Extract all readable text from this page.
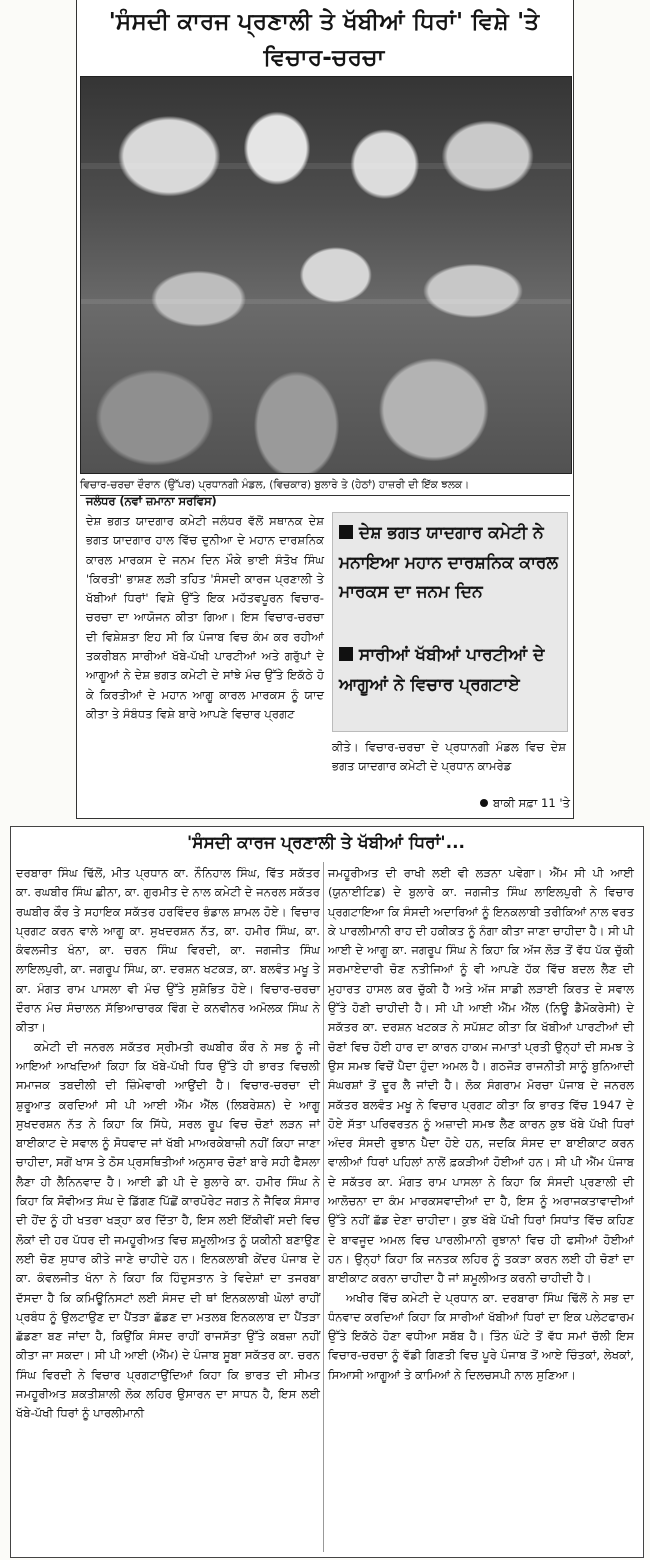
'ਸੰਸਦੀ ਕਾਰਜ ਪ੍ਰਣਾਲੀ ਤੇ ਖੱਬੀਆਂ ਧਿਰਾਂ' ਵਿਸ਼ੇ 'ਤੇ ਵਿਚਾਰ-ਚਰਚਾ
ਵਿਚਾਰ-ਚਰਚਾ ਦੌਰਾਨ (ਉੱਪਰ) ਪ੍ਰਧਾਨਗੀ ਮੰਡਲ, (ਵਿਚਕਾਰ) ਬੁਲਾਰੇ ਤੇ (ਹੇਠਾਂ) ਹਾਜ਼ਰੀ ਦੀ ਇੱਕ ਝਲਕ।
ਜਲੰਧਰ (ਨਵਾਂ ਜ਼ਮਾਨਾ ਸਰਵਿਸ)
ਦੇਸ਼ ਭਗਤ ਯਾਦਗਾਰ ਕਮੇਟੀ ਜਲੰਧਰ ਵੱਲੋਂ ਸਥਾਨਕ ਦੇਸ਼ ਭਗਤ ਯਾਦਗਾਰ ਹਾਲ ਵਿੱਚ ਦੁਨੀਆ ਦੇ ਮਹਾਨ ਦਾਰਸ਼ਨਿਕ ਕਾਰਲ ਮਾਰਕਸ ਦੇ ਜਨਮ ਦਿਨ ਮੌਕੇ ਭਾਈ ਸੰਤੋਖ ਸਿੰਘ 'ਕਿਰਤੀ' ਭਾਸ਼ਣ ਲੜੀ ਤਹਿਤ 'ਸੰਸਦੀ ਕਾਰਜ ਪ੍ਰਣਾਲੀ ਤੇ ਖੱਬੀਆਂ ਧਿਰਾਂ' ਵਿਸ਼ੇ ਉੱਤੇ ਇਕ ਮਹੱਤਵਪੂਰਨ ਵਿਚਾਰ-ਚਰਚਾ ਦਾ ਆਯੋਜਨ ਕੀਤਾ ਗਿਆ। ਇਸ ਵਿਚਾਰ-ਚਰਚਾ ਦੀ ਵਿਸ਼ੇਸ਼ਤਾ ਇਹ ਸੀ ਕਿ ਪੰਜਾਬ ਵਿਚ ਕੰਮ ਕਰ ਰਹੀਆਂ ਤਕਰੀਬਨ ਸਾਰੀਆਂ ਖੱਬੇ-ਪੱਖੀ ਪਾਰਟੀਆਂ ਅਤੇ ਗਰੁੱਪਾਂ ਦੇ ਆਗੂਆਂ ਨੇ ਦੇਸ਼ ਭਗਤ ਕਮੇਟੀ ਦੇ ਸਾਂਝੇ ਮੰਚ ਉੱਤੇ ਇਕੱਠੇ ਹੋ ਕੇ ਕਿਰਤੀਆਂ ਦੇ ਮਹਾਨ ਆਗੂ ਕਾਰਲ ਮਾਰਕਸ ਨੂੰ ਯਾਦ ਕੀਤਾ ਤੇ ਸੰਬੰਧਤ ਵਿਸ਼ੇ ਬਾਰੇ ਆਪਣੇ ਵਿਚਾਰ ਪ੍ਰਗਟ
ਦੇਸ਼ ਭਗਤ ਯਾਦਗਾਰ ਕਮੇਟੀ ਨੇ ਮਨਾਇਆ ਮਹਾਨ ਦਾਰਸ਼ਨਿਕ ਕਾਰਲ ਮਾਰਕਸ ਦਾ ਜਨਮ ਦਿਨ
ਸਾਰੀਆਂ ਖੱਬੀਆਂ ਪਾਰਟੀਆਂ ਦੇ ਆਗੂਆਂ ਨੇ ਵਿਚਾਰ ਪ੍ਰਗਟਾਏ
ਕੀਤੇ। ਵਿਚਾਰ-ਚਰਚਾ ਦੇ ਪ੍ਰਧਾਨਗੀ ਮੰਡਲ ਵਿਚ ਦੇਸ਼ ਭਗਤ ਯਾਦਗਾਰ ਕਮੇਟੀ ਦੇ ਪ੍ਰਧਾਨ ਕਾਮਰੇਡ
ਬਾਕੀ ਸਫ਼ਾ 11 'ਤੇ
'ਸੰਸਦੀ ਕਾਰਜ ਪ੍ਰਣਾਲੀ ਤੇ ਖੱਬੀਆਂ ਧਿਰਾਂ'...

ਦਰਬਾਰਾ ਸਿੰਘ ਢਿੱਲੋਂ, ਮੀਤ ਪ੍ਰਧਾਨ ਕਾ. ਨੌਨਿਹਾਲ ਸਿੰਘ, ਵਿੱਤ ਸਕੱਤਰ ਕਾ. ਰਘਬੀਰ ਸਿੰਘ ਛੀਨਾ, ਕਾ. ਗੁਰਮੀਤ ਦੇ ਨਾਲ ਕਮੇਟੀ ਦੇ ਜਨਰਲ ਸਕੱਤਰ ਰਘਬੀਰ ਕੌਰ ਤੇ ਸਹਾਇਕ ਸਕੱਤਰ ਹਰਵਿੰਦਰ ਭੰਡਾਲ ਸ਼ਾਮਲ ਹੋਏ। ਵਿਚਾਰ ਪ੍ਰਗਟ ਕਰਨ ਵਾਲੇ ਆਗੂ ਕਾ. ਸੁਖਦਰਸ਼ਨ ਨੱਤ, ਕਾ. ਹਮੀਰ ਸਿੰਘ, ਕਾ. ਕੰਵਲਜੀਤ ਖੰਨਾ, ਕਾ. ਚਰਨ ਸਿੰਘ ਵਿਰਦੀ, ਕਾ. ਜਗਜੀਤ ਸਿੰਘ ਲਾਇਲਪੁਰੀ, ਕਾ. ਜਗਰੂਪ ਸਿੰਘ, ਕਾ. ਦਰਸ਼ਨ ਖਟਕੜ, ਕਾ. ਬਲਵੰਤ ਮਖੂ ਤੇ ਕਾ. ਮੰਗਤ ਰਾਮ ਪਾਸਲਾ ਵੀ ਮੰਚ ਉੱਤੇ ਸੁਸ਼ੋਭਿਤ ਹੋਏ। ਵਿਚਾਰ-ਚਰਚਾ ਦੌਰਾਨ ਮੰਚ ਸੰਚਾਲਨ ਸੱਭਿਆਚਾਰਕ ਵਿੰਗ ਦੇ ਕਨਵੀਨਰ ਅਮੋਲਕ ਸਿੰਘ ਨੇ ਕੀਤਾ।

ਕਮੇਟੀ ਦੀ ਜਨਰਲ ਸਕੱਤਰ ਸ੍ਰੀਮਤੀ ਰਘਬੀਰ ਕੌਰ ਨੇ ਸਭ ਨੂੰ ਜੀ ਆਇਆਂ ਆਖਦਿਆਂ ਕਿਹਾ ਕਿ ਖੱਬੇ-ਪੱਖੀ ਧਿਰ ਉੱਤੇ ਹੀ ਭਾਰਤ ਵਿਚਲੀ ਸਮਾਜਕ ਤਬਦੀਲੀ ਦੀ ਜ਼ਿੰਮੇਵਾਰੀ ਆਉਂਦੀ ਹੈ। ਵਿਚਾਰ-ਚਰਚਾ ਦੀ ਸ਼ੁਰੂਆਤ ਕਰਦਿਆਂ ਸੀ ਪੀ ਆਈ ਐੱਮ ਐੱਲ (ਲਿਬਰੇਸ਼ਨ) ਦੇ ਆਗੂ ਸੁਖਦਰਸ਼ਨ ਨੱਤ ਨੇ ਕਿਹਾ ਕਿ ਸਿੱਧੇ, ਸਰਲ ਰੂਪ ਵਿਚ ਚੋਣਾਂ ਲੜਨ ਜਾਂ ਬਾਈਕਾਟ ਦੇ ਸਵਾਲ ਨੂੰ ਸੋਧਵਾਦ ਜਾਂ ਖੱਬੀ ਮਾਅਰਕੇਬਾਜ਼ੀ ਨਹੀਂ ਕਿਹਾ ਜਾਣਾ ਚਾਹੀਦਾ, ਸਗੋਂ ਖਾਸ ਤੇ ਠੋਸ ਪ੍ਰਸਥਿਤੀਆਂ ਅਨੁਸਾਰ ਚੋਣਾਂ ਬਾਰੇ ਸਹੀ ਫੈਸਲਾ ਲੈਣਾ ਹੀ ਲੈਨਿਨਵਾਦ ਹੈ। ਆਈ ਡੀ ਪੀ ਦੇ ਬੁਲਾਰੇ ਕਾ. ਹਮੀਰ ਸਿੰਘ ਨੇ ਕਿਹਾ ਕਿ ਸੋਵੀਅਤ ਸੰਘ ਦੇ ਡਿੱਗਣ ਪਿੱਛੋਂ ਕਾਰਪੋਰੇਟ ਜਗਤ ਨੇ ਜੈਵਿਕ ਸੰਸਾਰ ਦੀ ਹੋਂਦ ਨੂੰ ਹੀ ਖਤਰਾ ਖੜ੍ਹਾ ਕਰ ਦਿੱਤਾ ਹੈ, ਇਸ ਲਈ ਇੱਕੀਵੀਂ ਸਦੀ ਵਿਚ ਲੋਕਾਂ ਦੀ ਹਰ ਪੱਧਰ ਦੀ ਜਮਹੂਰੀਅਤ ਵਿਚ ਸ਼ਮੂਲੀਅਤ ਨੂੰ ਯਕੀਨੀ ਬਣਾਉਣ ਲਈ ਚੋਣ ਸੁਧਾਰ ਕੀਤੇ ਜਾਣੇ ਚਾਹੀਦੇ ਹਨ। ਇਨਕਲਾਬੀ ਕੇਂਦਰ ਪੰਜਾਬ ਦੇ ਕਾ. ਕੰਵਲਜੀਤ ਖੰਨਾ ਨੇ ਕਿਹਾ ਕਿ ਹਿੰਦੁਸਤਾਨ ਤੇ ਵਿਦੇਸ਼ਾਂ ਦਾ ਤਜਰਬਾ ਦੱਸਦਾ ਹੈ ਕਿ ਕਮਿਊਨਿਸਟਾਂ ਲਈ ਸੰਸਦ ਦੀ ਥਾਂ ਇਨਕਲਾਬੀ ਘੋਲਾਂ ਰਾਹੀਂ ਪ੍ਰਬੰਧ ਨੂੰ ਉਲਟਾਉਣ ਦਾ ਪੈਂਤੜਾ ਛੱਡਣ ਦਾ ਮਤਲਬ ਇਨਕਲਾਬ ਦਾ ਪੈਂਤੜਾ ਛੱਡਣਾ ਬਣ ਜਾਂਦਾ ਹੈ, ਕਿਉਂਕਿ ਸੰਸਦ ਰਾਹੀਂ ਰਾਜਸੱਤਾ ਉੱਤੇ ਕਬਜ਼ਾ ਨਹੀਂ ਕੀਤਾ ਜਾ ਸਕਦਾ। ਸੀ ਪੀ ਆਈ (ਐੱਮ) ਦੇ ਪੰਜਾਬ ਸੂਬਾ ਸਕੱਤਰ ਕਾ. ਚਰਨ ਸਿੰਘ ਵਿਰਦੀ ਨੇ ਵਿਚਾਰ ਪ੍ਰਗਟਾਉਂਦਿਆਂ ਕਿਹਾ ਕਿ ਭਾਰਤ ਦੀ ਸੀਮਤ ਜਮਹੂਰੀਅਤ ਸ਼ਕਤੀਸ਼ਾਲੀ ਲੋਕ ਲਹਿਰ ਉਸਾਰਨ ਦਾ ਸਾਧਨ ਹੈ, ਇਸ ਲਈ ਖੱਬੇ-ਪੱਖੀ ਧਿਰਾਂ ਨੂੰ ਪਾਰਲੀਮਾਨੀ

ਜਮਹੂਰੀਅਤ ਦੀ ਰਾਖੀ ਲਈ ਵੀ ਲੜਨਾ ਪਵੇਗਾ। ਐੱਮ ਸੀ ਪੀ ਆਈ (ਯੁਨਾਈਟਿਡ) ਦੇ ਬੁਲਾਰੇ ਕਾ. ਜਗਜੀਤ ਸਿੰਘ ਲਾਇਲਪੁਰੀ ਨੇ ਵਿਚਾਰ ਪ੍ਰਗਟਾਇਆ ਕਿ ਸੰਸਦੀ ਅਦਾਰਿਆਂ ਨੂੰ ਇਨਕਲਾਬੀ ਤਰੀਕਿਆਂ ਨਾਲ ਵਰਤ ਕੇ ਪਾਰਲੀਮਾਨੀ ਰਾਹ ਦੀ ਹਕੀਕਤ ਨੂੰ ਨੰਗਾ ਕੀਤਾ ਜਾਣਾ ਚਾਹੀਦਾ ਹੈ। ਸੀ ਪੀ ਆਈ ਦੇ ਆਗੂ ਕਾ. ਜਗਰੂਪ ਸਿੰਘ ਨੇ ਕਿਹਾ ਕਿ ਅੱਜ ਲੋੜ ਤੋਂ ਵੱਧ ਪੱਕ ਚੁੱਕੀ ਸਰਮਾਏਦਾਰੀ ਚੋਣ ਨਤੀਜਿਆਂ ਨੂੰ ਵੀ ਆਪਣੇ ਹੱਕ ਵਿੱਚ ਬਦਲ ਲੈਣ ਦੀ ਮੁਹਾਰਤ ਹਾਸਲ ਕਰ ਚੁੱਕੀ ਹੈ ਅਤੇ ਅੱਜ ਸਾਡੀ ਲੜਾਈ ਕਿਰਤ ਦੇ ਸਵਾਲ ਉੱਤੇ ਹੋਣੀ ਚਾਹੀਦੀ ਹੈ। ਸੀ ਪੀ ਆਈ ਐੱਮ ਐੱਲ (ਨਿਊ ਡੈਮੋਕਰੇਸੀ) ਦੇ ਸਕੱਤਰ ਕਾ. ਦਰਸ਼ਨ ਖਟਕੜ ਨੇ ਸਪੱਸ਼ਟ ਕੀਤਾ ਕਿ ਖੱਬੀਆਂ ਪਾਰਟੀਆਂ ਦੀ ਚੋਣਾਂ ਵਿਚ ਹੋਈ ਹਾਰ ਦਾ ਕਾਰਨ ਹਾਕਮ ਜਮਾਤਾਂ ਪ੍ਰਤੀ ਉਨ੍ਹਾਂ ਦੀ ਸਮਝ ਤੇ ਉਸ ਸਮਝ ਵਿਚੋਂ ਪੈਦਾ ਹੁੰਦਾ ਅਮਲ ਹੈ। ਗਠਜੋੜ ਰਾਜਨੀਤੀ ਸਾਨੂੰ ਬੁਨਿਆਦੀ ਸੰਘਰਸ਼ਾਂ ਤੋਂ ਦੂਰ ਲੈ ਜਾਂਦੀ ਹੈ। ਲੋਕ ਸੰਗਰਾਮ ਮੋਰਚਾ ਪੰਜਾਬ ਦੇ ਜਨਰਲ ਸਕੱਤਰ ਬਲਵੰਤ ਮਖੂ ਨੇ ਵਿਚਾਰ ਪ੍ਰਗਟ ਕੀਤਾ ਕਿ ਭਾਰਤ ਵਿੱਚ 1947 ਦੇ ਹੋਏ ਸੱਤਾ ਪਰਿਵਰਤਨ ਨੂੰ ਅਜ਼ਾਦੀ ਸਮਝ ਲੈਣ ਕਾਰਨ ਕੁਝ ਖੱਬੇ ਪੱਖੀ ਧਿਰਾਂ ਅੰਦਰ ਸੰਸਦੀ ਰੁਝਾਨ ਪੈਦਾ ਹੋਏ ਹਨ, ਜਦਕਿ ਸੰਸਦ ਦਾ ਬਾਈਕਾਟ ਕਰਨ ਵਾਲੀਆਂ ਧਿਰਾਂ ਪਹਿਲਾਂ ਨਾਲੋਂ ਫ਼ਕੜੀਆਂ ਹੋਈਆਂ ਹਨ। ਸੀ ਪੀ ਐੱਮ ਪੰਜਾਬ ਦੇ ਸਕੱਤਰ ਕਾ. ਮੰਗਤ ਰਾਮ ਪਾਸਲਾ ਨੇ ਕਿਹਾ ਕਿ ਸੰਸਦੀ ਪ੍ਰਣਾਲੀ ਦੀ ਆਲੋਚਨਾ ਦਾ ਕੰਮ ਮਾਰਕਸਵਾਦੀਆਂ ਦਾ ਹੈ, ਇਸ ਨੂੰ ਅਰਾਜਕਤਾਵਾਦੀਆਂ ਉੱਤੇ ਨਹੀਂ ਛੱਡ ਦੇਣਾ ਚਾਹੀਦਾ। ਕੁਝ ਖੱਬੇ ਪੱਖੀ ਧਿਰਾਂ ਸਿਧਾਂਤ ਵਿੱਚ ਕਹਿਣ ਦੇ ਬਾਵਜੂਦ ਅਮਲ ਵਿਚ ਪਾਰਲੀਮਾਨੀ ਰੁਝਾਨਾਂ ਵਿਚ ਹੀ ਫਸੀਆਂ ਹੋਈਆਂ ਹਨ। ਉਨ੍ਹਾਂ ਕਿਹਾ ਕਿ ਜਨਤਕ ਲਹਿਰ ਨੂੰ ਤਕੜਾ ਕਰਨ ਲਈ ਹੀ ਚੋਣਾਂ ਦਾ ਬਾਈਕਾਟ ਕਰਨਾ ਚਾਹੀਦਾ ਹੈ ਜਾਂ ਸ਼ਮੂਲੀਅਤ ਕਰਨੀ ਚਾਹੀਦੀ ਹੈ।

ਅਖੀਰ ਵਿੱਚ ਕਮੇਟੀ ਦੇ ਪ੍ਰਧਾਨ ਕਾ. ਦਰਬਾਰਾ ਸਿੰਘ ਢਿੱਲੋਂ ਨੇ ਸਭ ਦਾ ਧੰਨਵਾਦ ਕਰਦਿਆਂ ਕਿਹਾ ਕਿ ਸਾਰੀਆਂ ਖੱਬੀਆਂ ਧਿਰਾਂ ਦਾ ਇਕ ਪਲੇਟਫਾਰਮ ਉੱਤੇ ਇਕੱਠੇ ਹੋਣਾ ਵਧੀਆ ਸਬੱਬ ਹੈ। ਤਿੰਨ ਘੰਟੇ ਤੋਂ ਵੱਧ ਸਮਾਂ ਚੱਲੀ ਇਸ ਵਿਚਾਰ-ਚਰਚਾ ਨੂੰ ਵੱਡੀ ਗਿਣਤੀ ਵਿਚ ਪੂਰੇ ਪੰਜਾਬ ਤੋਂ ਆਏ ਚਿੰਤਕਾਂ, ਲੇਖਕਾਂ, ਸਿਆਸੀ ਆਗੂਆਂ ਤੇ ਕਾਮਿਆਂ ਨੇ ਦਿਲਚਸਪੀ ਨਾਲ ਸੁਣਿਆ।
